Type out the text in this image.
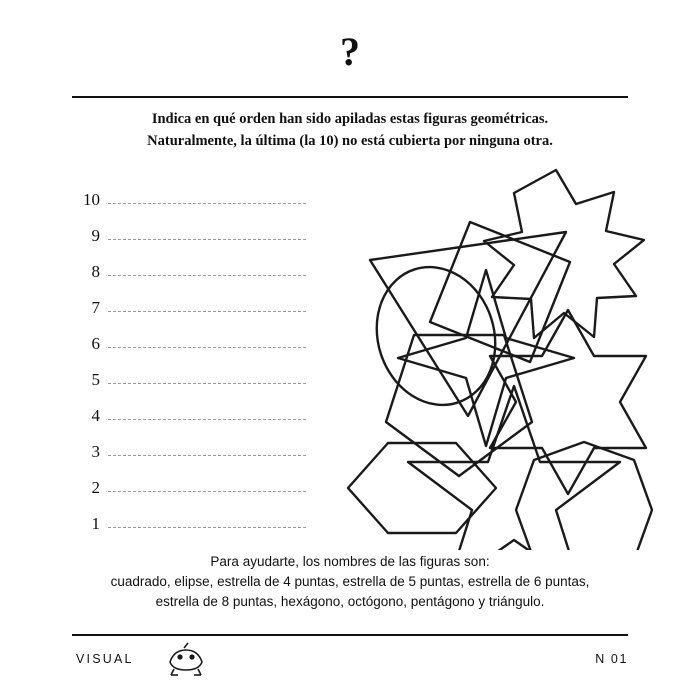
?
Indica en qué orden han sido apiladas estas figuras geométricas.
Naturalmente, la última (la 10) no está cubierta por ninguna otra.
10
9
8
7
6
5
4
3
2
1
Para ayudarte, los nombres de las figuras son:
cuadrado, elipse, estrella de 4 puntas, estrella de 5 puntas, estrella de 6 puntas,
estrella de 8 puntas, hexágono, octógono, pentágono y triángulo.
VISUAL	N 01
